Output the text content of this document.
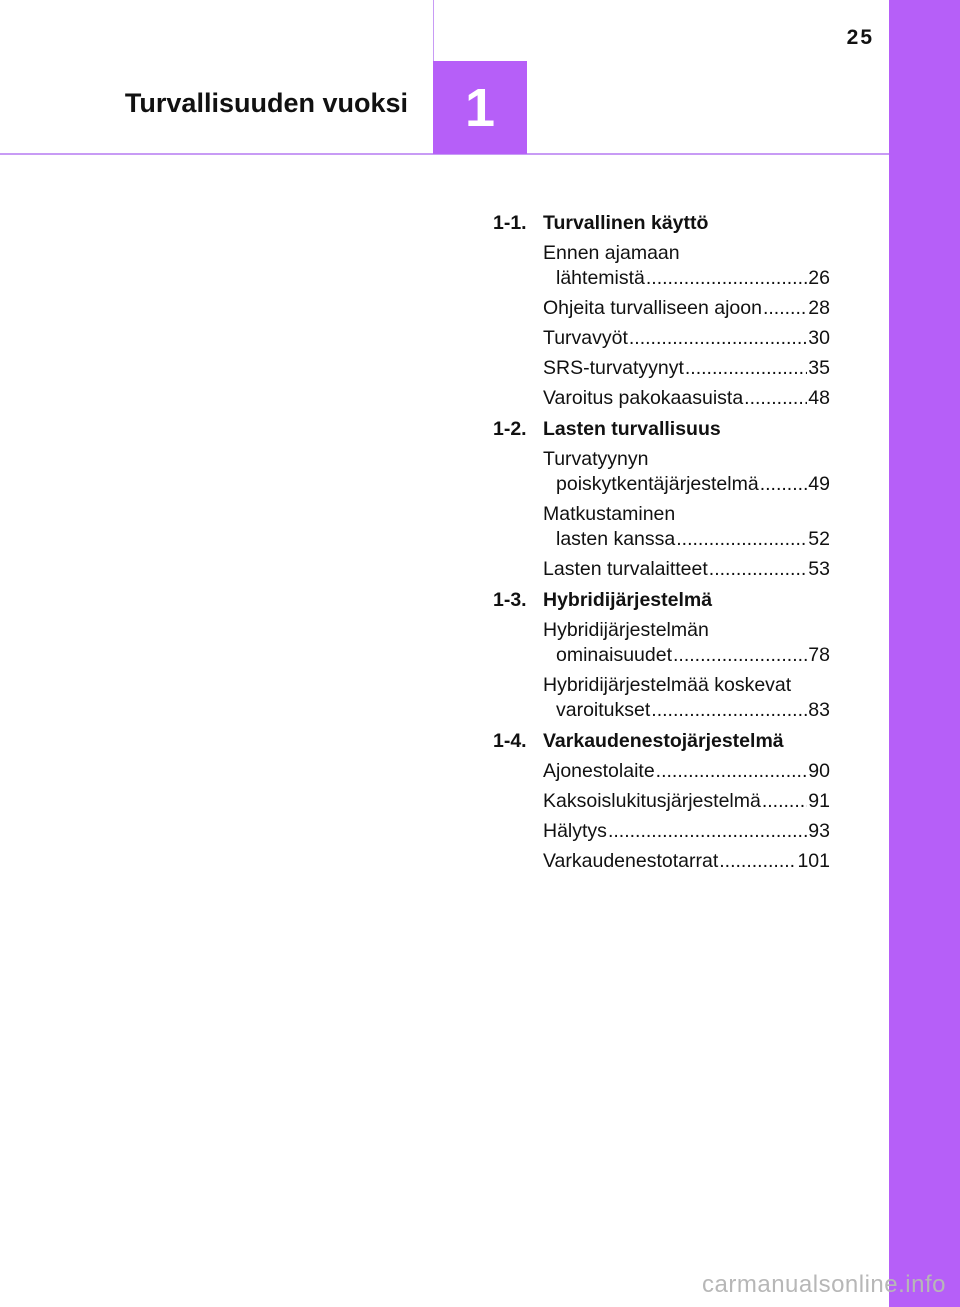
25
1
Turvallisuuden vuoksi
1-1. Turvallinen käyttö
Ennen ajamaan
lähtemistä .....	26
Ohjeita turvalliseen ajoon ..... 28
Turvavyöt .....	30
SRS-turvatyynyt .....	35
Varoitus pakokaasuista .....	48
1-2. Lasten turvallisuus
Turvatyynyn
poiskytkentäjärjestelmä .....	49
Matkustaminen
lasten kanssa .....	52
Lasten turvalaitteet .....	53
1-3. Hybridijärjestelmä
Hybridijärjestelmän
ominaisuudet .....	78
Hybridijärjestelmää koskevat
varoitukset .....	83
1-4. Varkaudenestojärjestelmä
Ajonestolaite .....	90
Kaksoislukitusjärjestelmä ..... 91
Hälytys .....	93
Varkaudenestotarrat .....	101
carmanualsonline.info
